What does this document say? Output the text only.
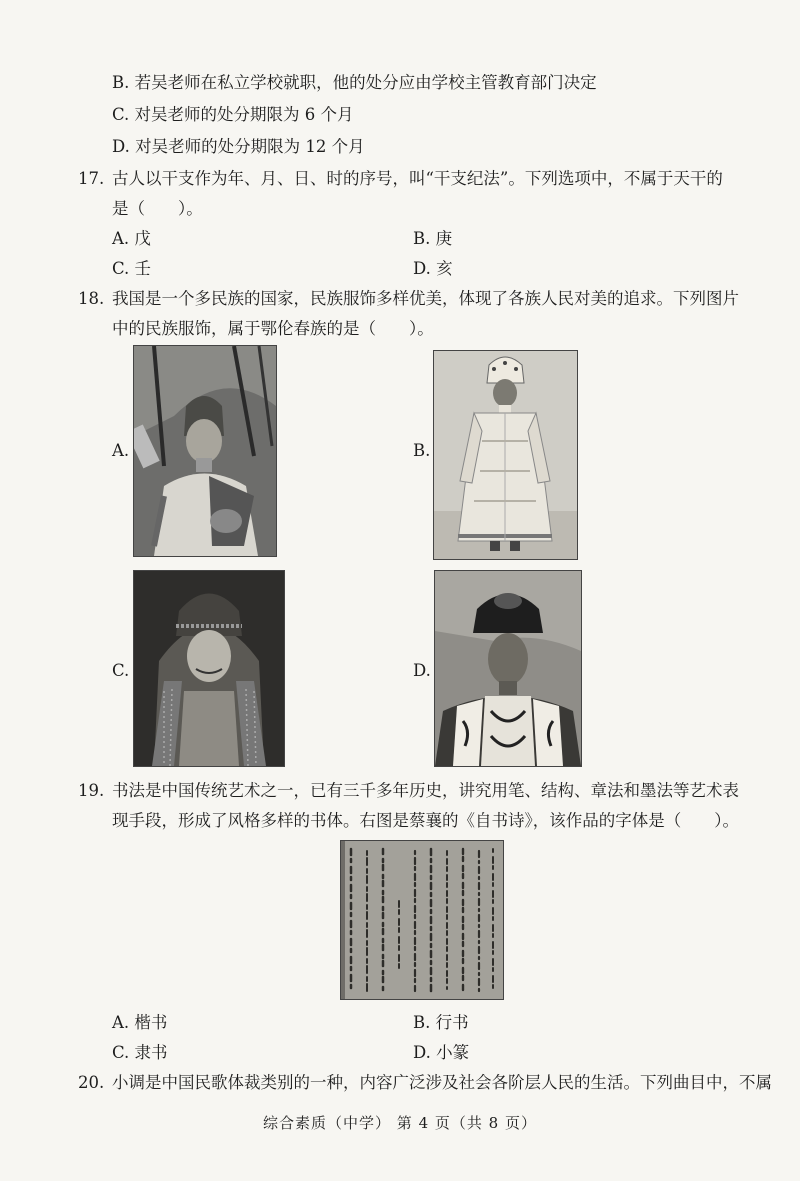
B. 若吴老师在私立学校就职，他的处分应由学校主管教育部门决定
C. 对吴老师的处分期限为 6 个月
D. 对吴老师的处分期限为 12 个月
17. 古人以干支作为年、月、日、时的序号，叫“干支纪法”。下列选项中，不属于天干的
是（　　）。
A. 戊	B. 庚
C. 壬	D. 亥
18. 我国是一个多民族的国家，民族服饰多样优美，体现了各族人民对美的追求。下列图片
中的民族服饰，属于鄂伦春族的是（　　）。
A.	B.
C.	D.
19. 书法是中国传统艺术之一，已有三千多年历史，讲究用笔、结构、章法和墨法等艺术表
现手段，形成了风格多样的书体。右图是蔡襄的《自书诗》，该作品的字体是（　　）。
A. 楷书	B. 行书
C. 隶书	D. 小篆
20. 小调是中国民歌体裁类别的一种，内容广泛涉及社会各阶层人民的生活。下列曲目中，不属
综合素质（中学） 第 4 页（共 8 页）
